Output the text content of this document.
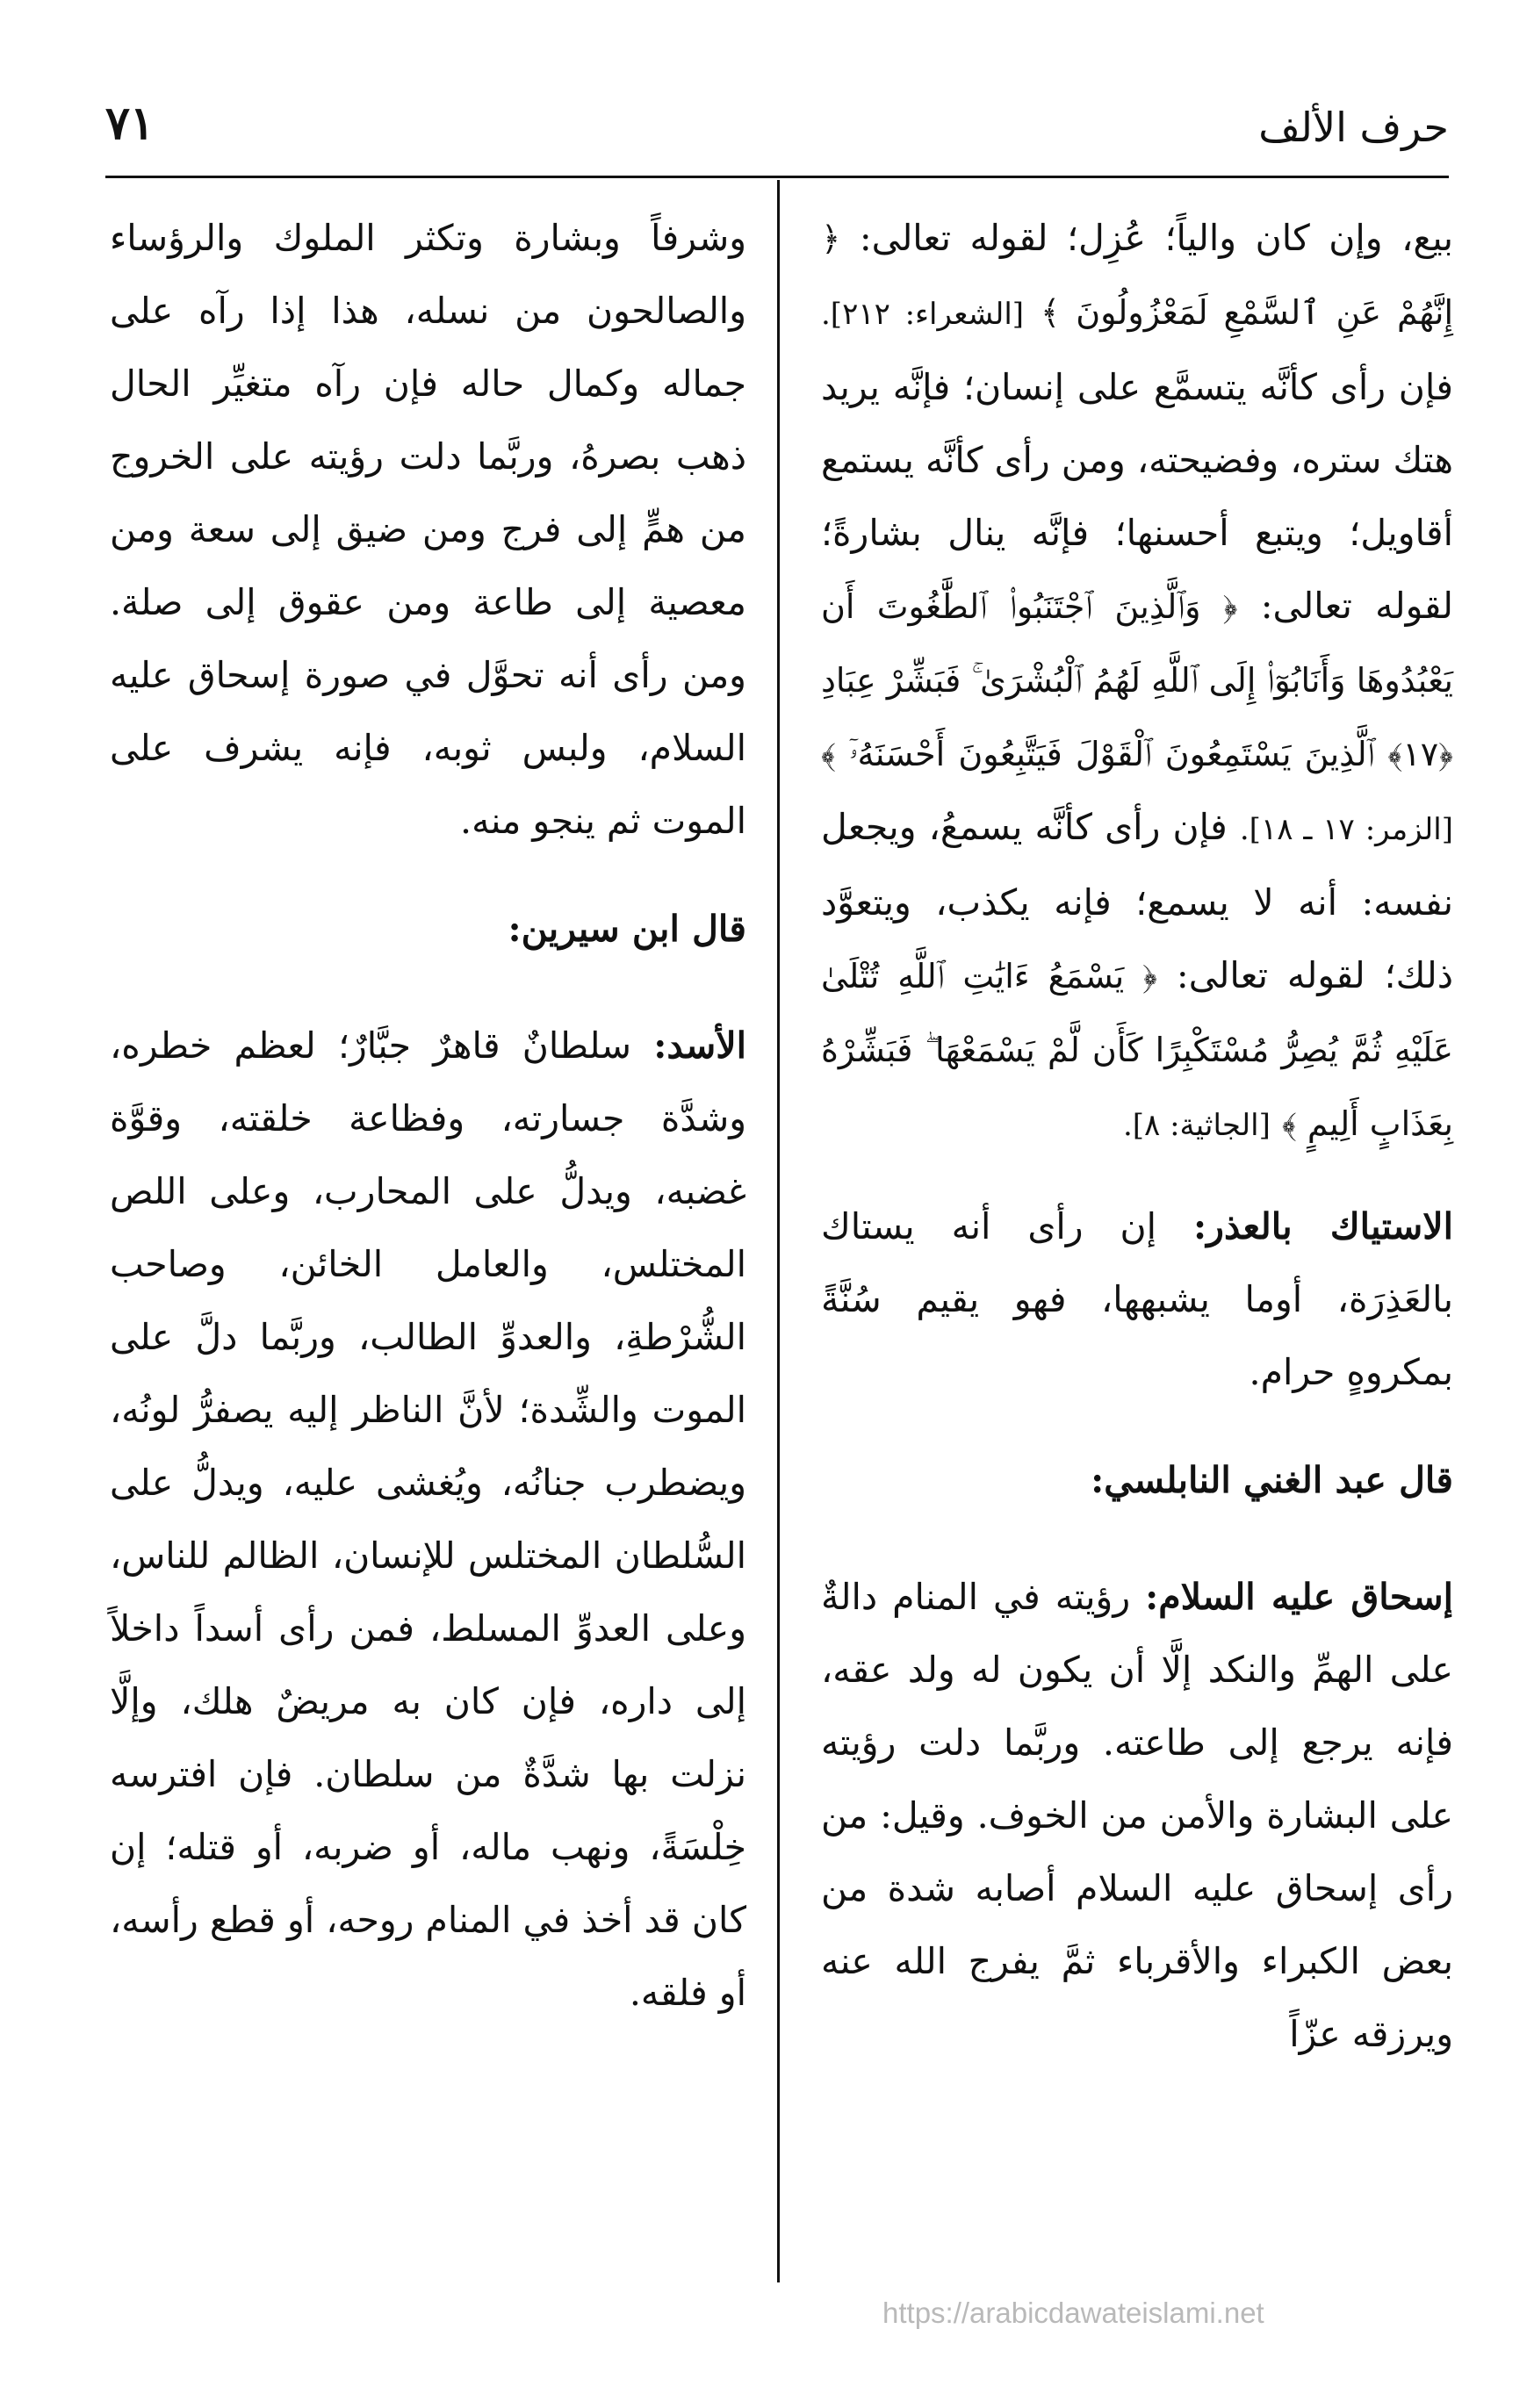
حرف الألف
٧١

بيع، وإن كان والياً؛ عُزِل؛ لقوله تعالى: ﴿ إِنَّهُمْ عَنِ ٱلسَّمْعِ لَمَعْزُولُونَ ﴾ [الشعراء: ٢١٢]. فإن رأى كأنَّه يتسمَّع على إنسان؛ فإنَّه يريد هتك ستره، وفضيحته، ومن رأى كأنَّه يستمع أقاويل؛ ويتبع أحسنها؛ فإنَّه ينال بشارةً؛ لقوله تعالى: ﴿ وَٱلَّذِينَ ٱجْتَنَبُوا۟ ٱلطَّٰغُوتَ أَن يَعْبُدُوهَا وَأَنَابُوٓا۟ إِلَى ٱللَّهِ لَهُمُ ٱلْبُشْرَىٰ ۚ فَبَشِّرْ عِبَادِ ﴿١٧﴾ ٱلَّذِينَ يَسْتَمِعُونَ ٱلْقَوْلَ فَيَتَّبِعُونَ أَحْسَنَهُۥٓ ﴾ [الزمر: ١٧ ـ ١٨]. فإن رأى كأنَّه يسمعُ، ويجعل نفسه: أنه لا يسمع؛ فإنه يكذب، ويتعوَّد ذلك؛ لقوله تعالى: ﴿ يَسْمَعُ ءَايَٰتِ ٱللَّهِ تُتْلَىٰ عَلَيْهِ ثُمَّ يُصِرُّ مُسْتَكْبِرًا كَأَن لَّمْ يَسْمَعْهَا ۖ فَبَشِّرْهُ بِعَذَابٍ أَلِيمٍ ﴾ [الجاثية: ٨].

الاستياك بالعذر: إن رأى أنه يستاك بالعَذِرَة، أوما يشبهها، فهو يقيم سُنَّةً بمكروهٍ حرام.

قال عبد الغني النابلسي:

إسحاق عليه السلام: رؤيته في المنام دالةٌ على الهمِّ والنكد إلَّا أن يكون له ولد عقه، فإنه يرجع إلى طاعته. وربَّما دلت رؤيته على البشارة والأمن من الخوف. وقيل: من رأى إسحاق عليه السلام أصابه شدة من بعض الكبراء والأقرباء ثمَّ يفرج الله عنه ويرزقه عزّاً

وشرفاً وبشارة وتكثر الملوك والرؤساء والصالحون من نسله، هذا إذا رآه على جماله وكمال حاله فإن رآه متغيِّر الحال ذهب بصرهُ، وربَّما دلت رؤيته على الخروج من همٍّ إلى فرج ومن ضيق إلى سعة ومن معصية إلى طاعة ومن عقوق إلى صلة. ومن رأى أنه تحوَّل في صورة إسحاق عليه السلام، ولبس ثوبه، فإنه يشرف على الموت ثم ينجو منه.

قال ابن سيرين:

الأسد: سلطانٌ قاهرٌ جبَّارٌ؛ لعظم خطره، وشدَّة جسارته، وفظاعة خلقته، وقوَّة غضبه، ويدلُّ على المحارب، وعلى اللص المختلس، والعامل الخائن، وصاحب الشُّرْطةِ، والعدوِّ الطالب، وربَّما دلَّ على الموت والشِّدة؛ لأنَّ الناظر إليه يصفرُّ لونُه، ويضطرب جنانُه، ويُغشى عليه، ويدلُّ على السُّلطان المختلس للإنسان، الظالم للناس، وعلى العدوِّ المسلط، فمن رأى أسداً داخلاً إلى داره، فإن كان به مريضٌ هلك، وإلَّا نزلت بها شدَّةٌ من سلطان. فإن افترسه خِلْسَةً، ونهب ماله، أو ضربه، أو قتله؛ إن كان قد أخذ في المنام روحه، أو قطع رأسه، أو فلقه.

https://arabicdawateislami.net
